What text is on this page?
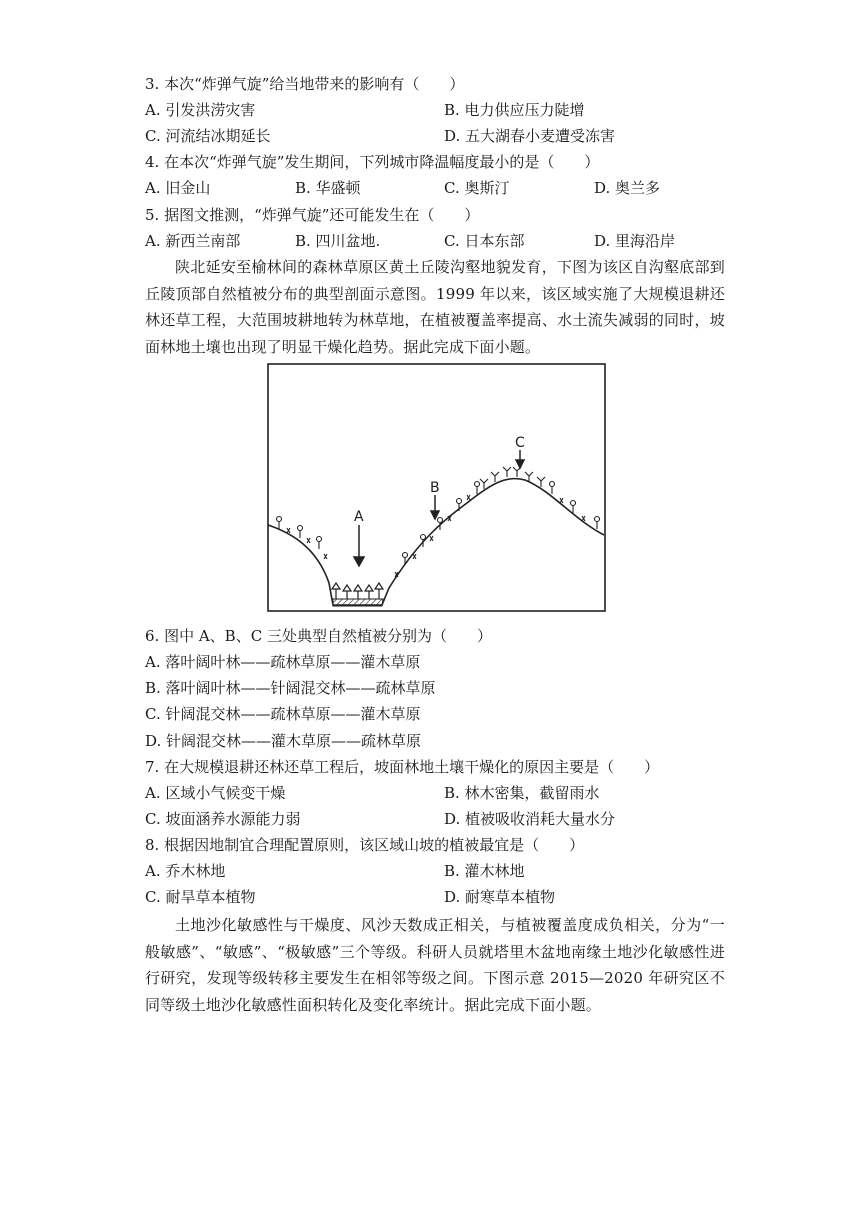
3. 本次“炸弹气旋”给当地带来的影响有（　　）
A. 引发洪涝灾害	B. 电力供应压力陡增
C. 河流结冰期延长	D. 五大湖春小麦遭受冻害
4. 在本次“炸弹气旋”发生期间，下列城市降温幅度最小的是（　　）
A. 旧金山	B. 华盛顿	C. 奥斯汀	D. 奥兰多
5. 据图文推测，“炸弹气旋”还可能发生在（　　）
A. 新西兰南部	B. 四川盆地.	C. 日本东部	D. 里海沿岸
陕北延安至榆林间的森林草原区黄土丘陵沟壑地貌发育，下图为该区自沟壑底部到丘陵顶部自然植被分布的典型剖面示意图。1999 年以来，该区域实施了大规模退耕还林还草工程，大范围坡耕地转为林草地，在植被覆盖率提高、水土流失减弱的同时，坡面林地土壤也出现了明显干燥化趋势。据此完成下面小题。
A
B
C
6. 图中 A、B、C 三处典型自然植被分别为（　　）
A. 落叶阔叶林——疏林草原——灌木草原
B. 落叶阔叶林——针阔混交林——疏林草原
C. 针阔混交林——疏林草原——灌木草原
D. 针阔混交林——灌木草原——疏林草原
7. 在大规模退耕还林还草工程后，坡面林地土壤干燥化的原因主要是（　　）
A. 区域小气候变干燥	B. 林木密集，截留雨水
C. 坡面涵养水源能力弱	D. 植被吸收消耗大量水分
8. 根据因地制宜合理配置原则，该区域山坡的植被最宜是（　　）
A. 乔木林地	B. 灌木林地
C. 耐旱草本植物	D. 耐寒草本植物
土地沙化敏感性与干燥度、风沙天数成正相关，与植被覆盖度成负相关，分为“一般敏感”、“敏感”、“极敏感”三个等级。科研人员就塔里木盆地南缘土地沙化敏感性进行研究，发现等级转移主要发生在相邻等级之间。下图示意 2015—2020 年研究区不同等级土地沙化敏感性面积转化及变化率统计。据此完成下面小题。
